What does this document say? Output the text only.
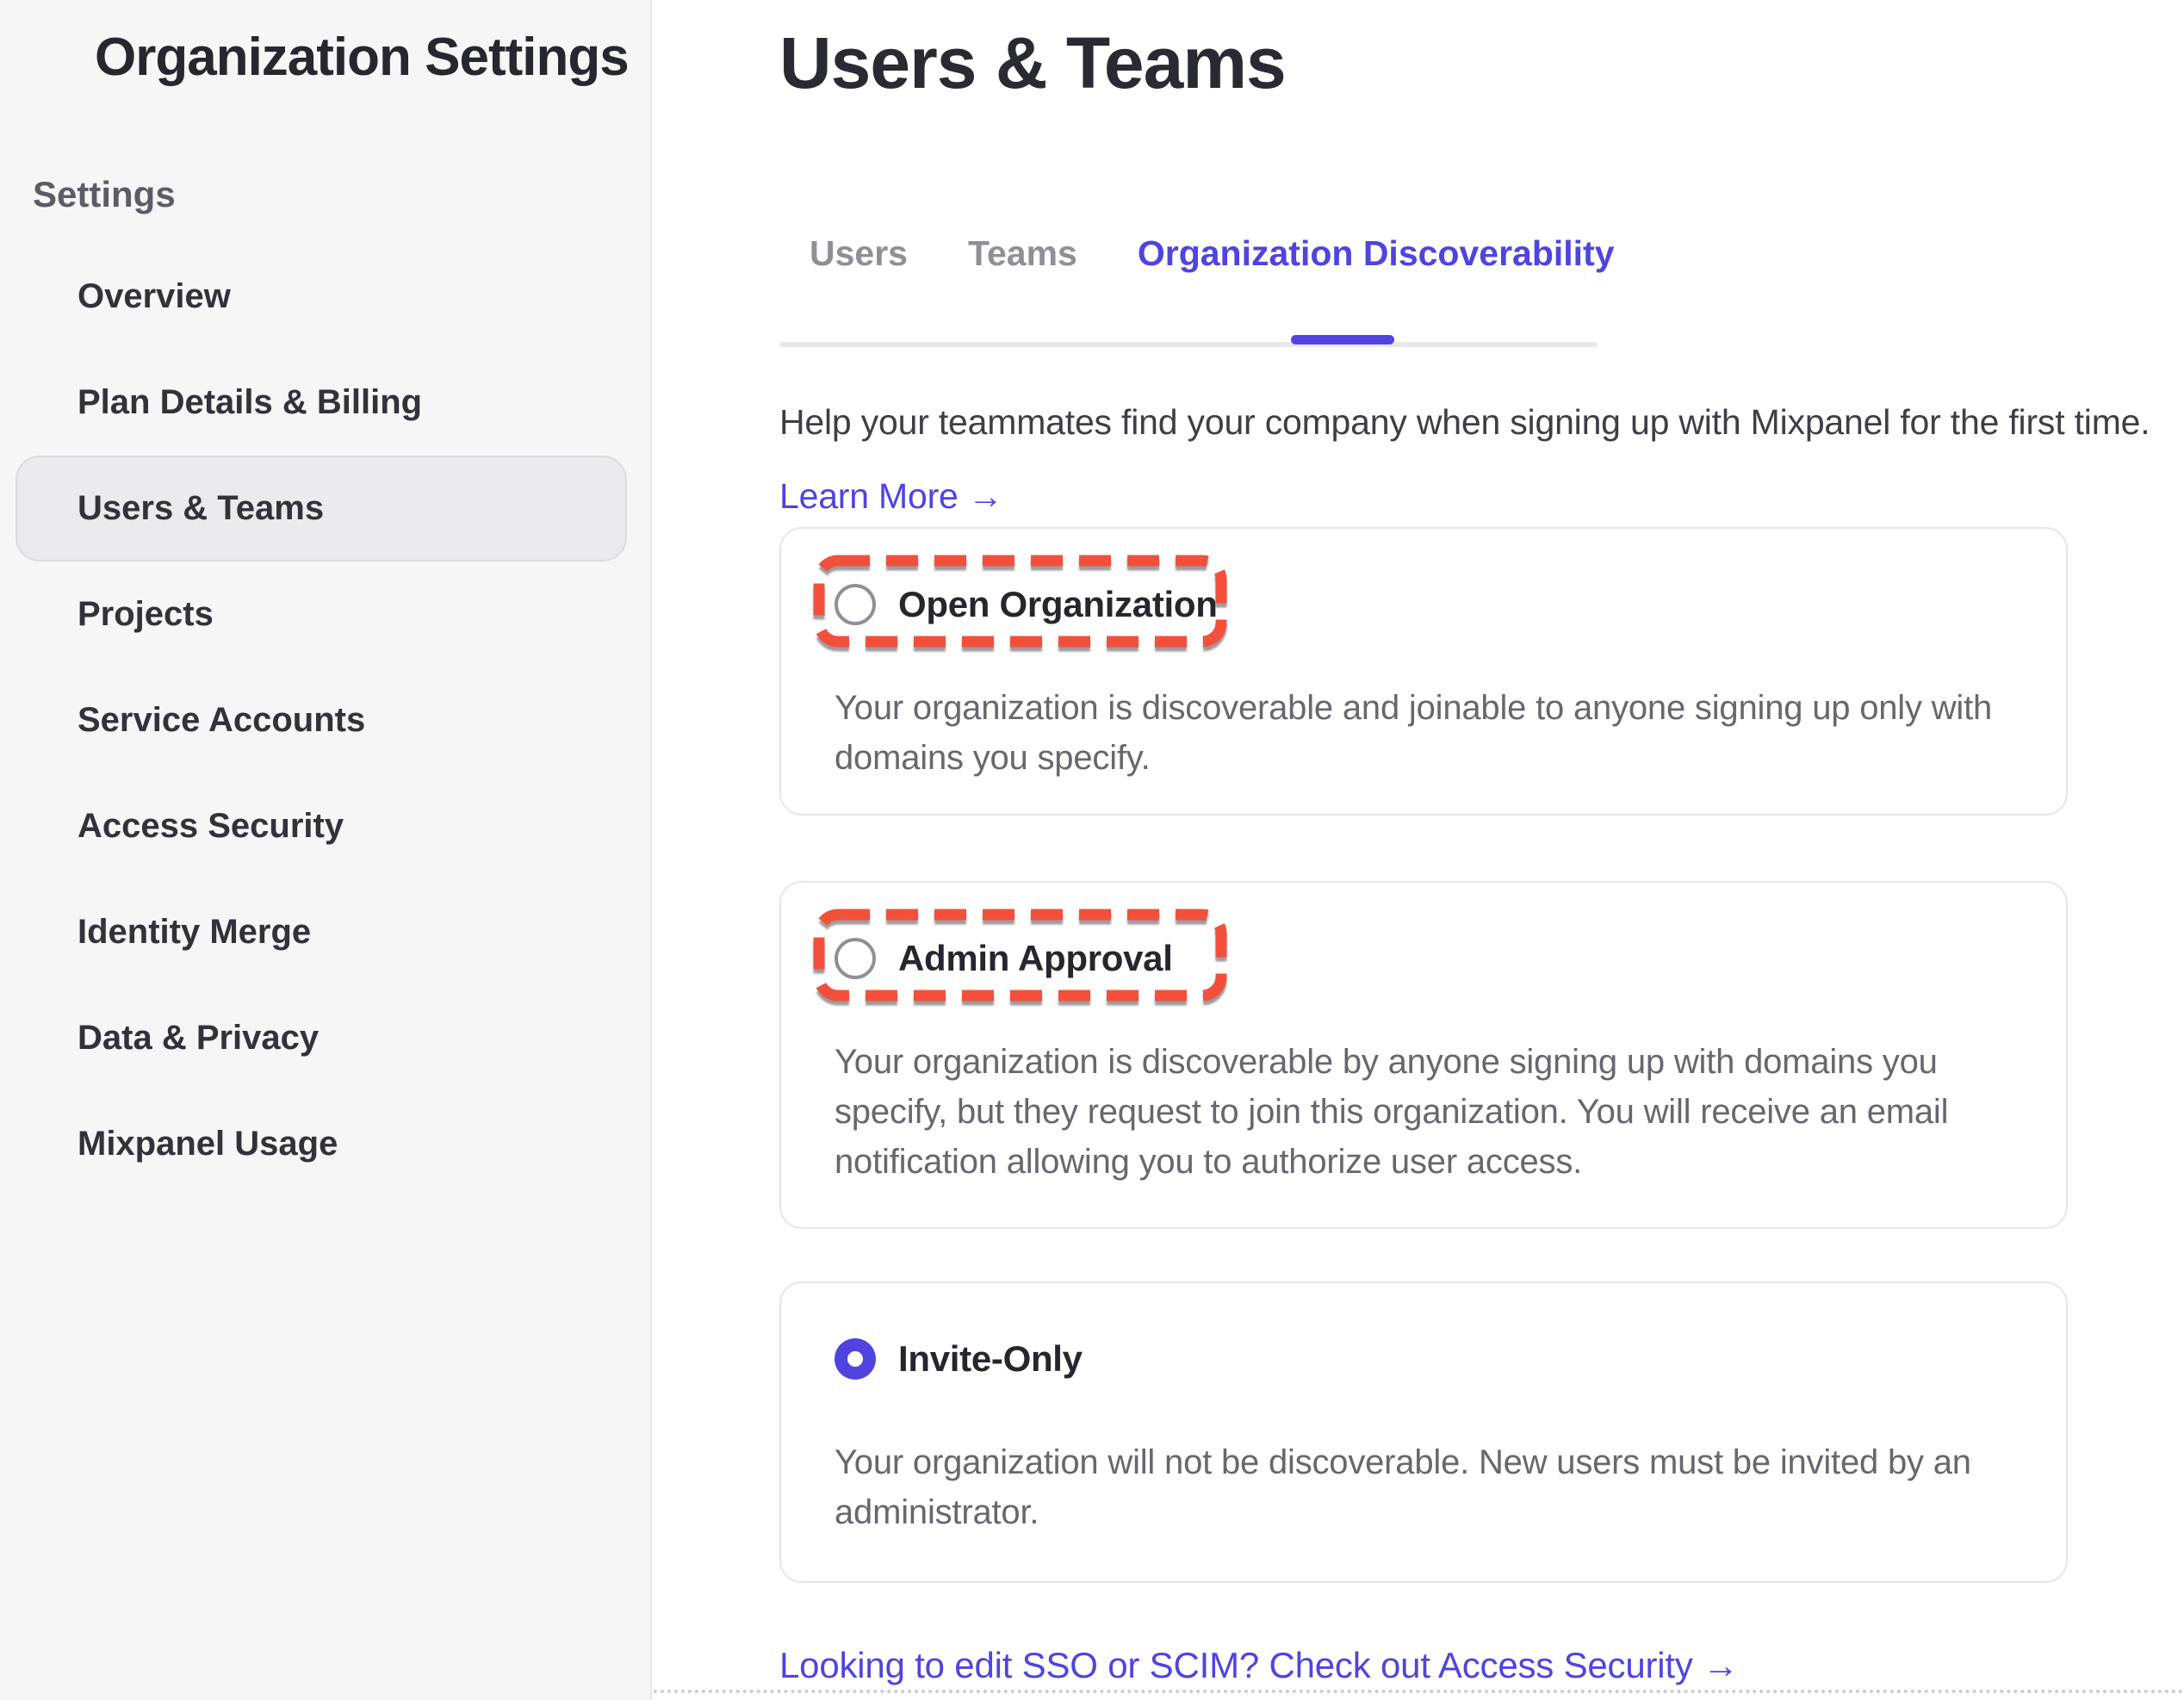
Organization Settings
Settings
Overview
Plan Details & Billing
Users & Teams
Projects
Service Accounts
Access Security
Identity Merge
Data & Privacy
Mixpanel Usage
Users & Teams
Users	Teams	Organization Discoverability

Help your teammates find your company when signing up with Mixpanel for the first time.

Learn More →
Open Organization

Your organization is discoverable and joinable to anyone signing up only with domains you specify.

Admin Approval

Your organization is discoverable by anyone signing up with domains you specify, but they request to join this organization. You will receive an email notification allowing you to authorize user access.

Invite-Only

Your organization will not be discoverable. New users must be invited by an administrator.

Looking to edit SSO or SCIM? Check out Access Security →
